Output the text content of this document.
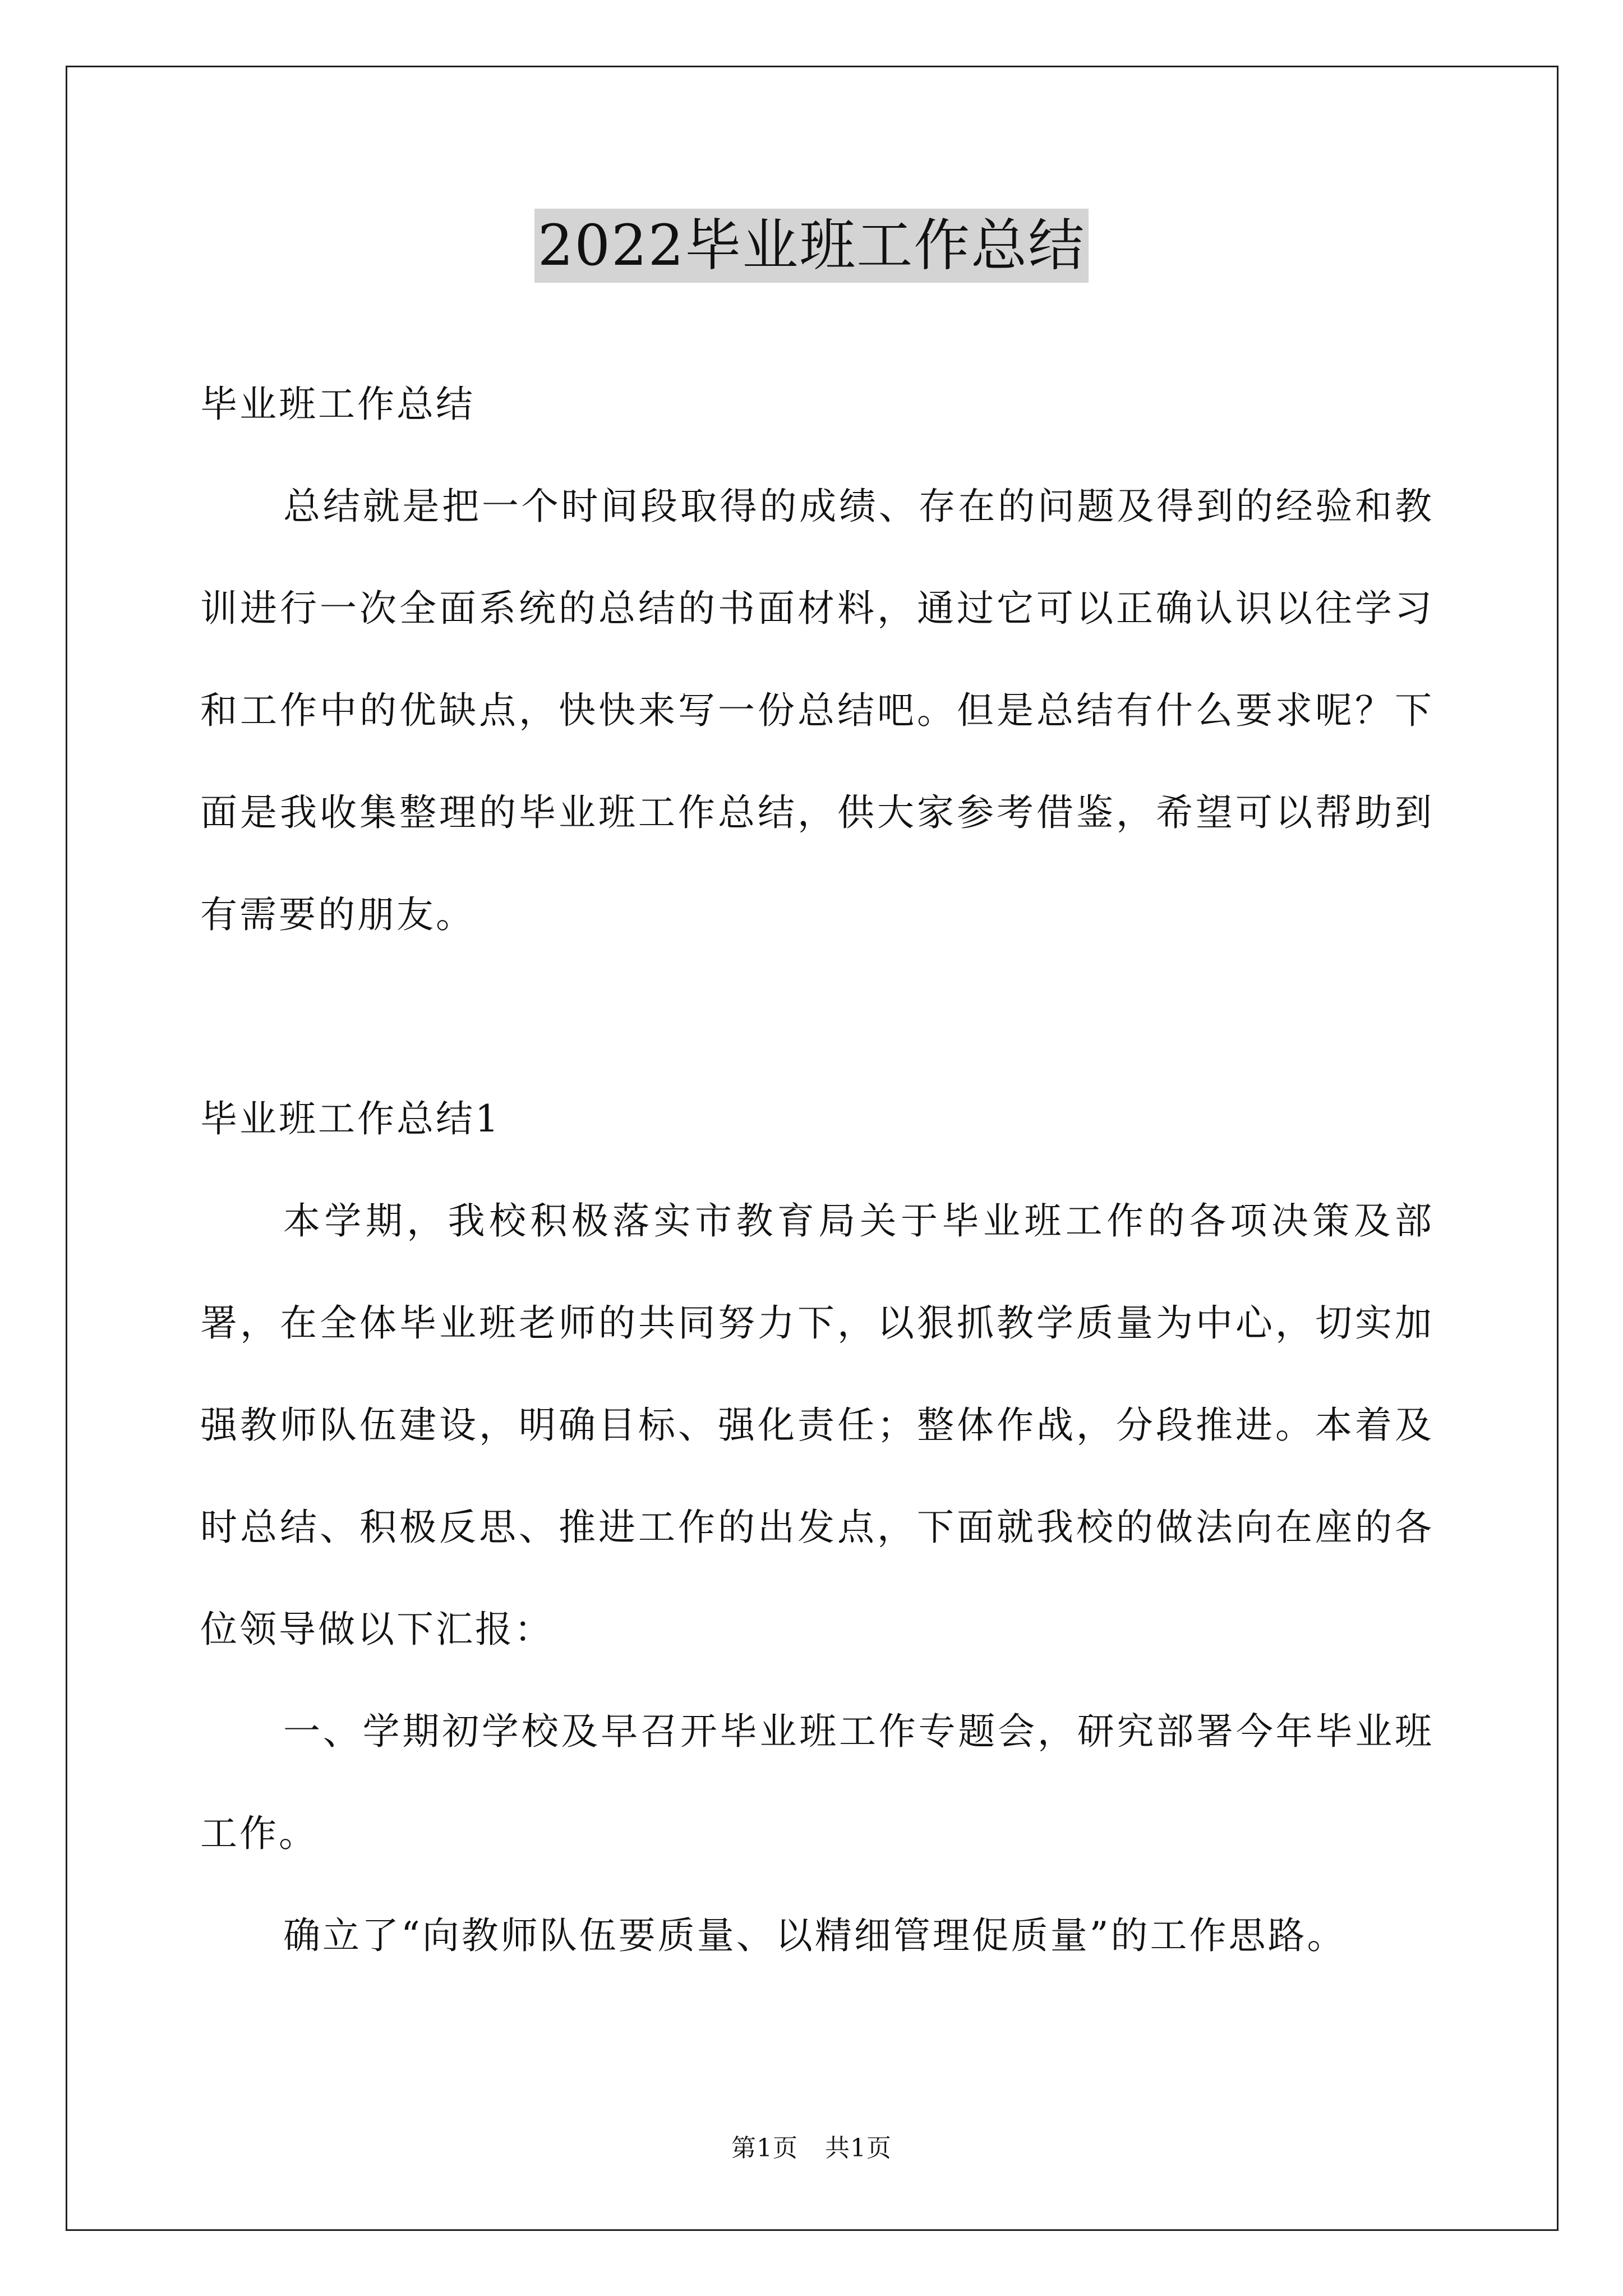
2022毕业班工作总结

毕业班工作总结

总结就是把一个时间段取得的成绩、存在的问题及得到的经验和教训进行一次全面系统的总结的书面材料，通过它可以正确认识以往学习和工作中的优缺点，快快来写一份总结吧。但是总结有什么要求呢？下面是我收集整理的毕业班工作总结，供大家参考借鉴，希望可以帮助到有需要的朋友。

毕业班工作总结1

本学期，我校积极落实市教育局关于毕业班工作的各项决策及部署，在全体毕业班老师的共同努力下，以狠抓教学质量为中心，切实加强教师队伍建设，明确目标、强化责任；整体作战，分段推进。本着及时总结、积极反思、推进工作的出发点，下面就我校的做法向在座的各位领导做以下汇报：

一、学期初学校及早召开毕业班工作专题会，研究部署今年毕业班工作。

确立了“向教师队伍要质量、以精细管理促质量”的工作思路。

第1页 共1页
